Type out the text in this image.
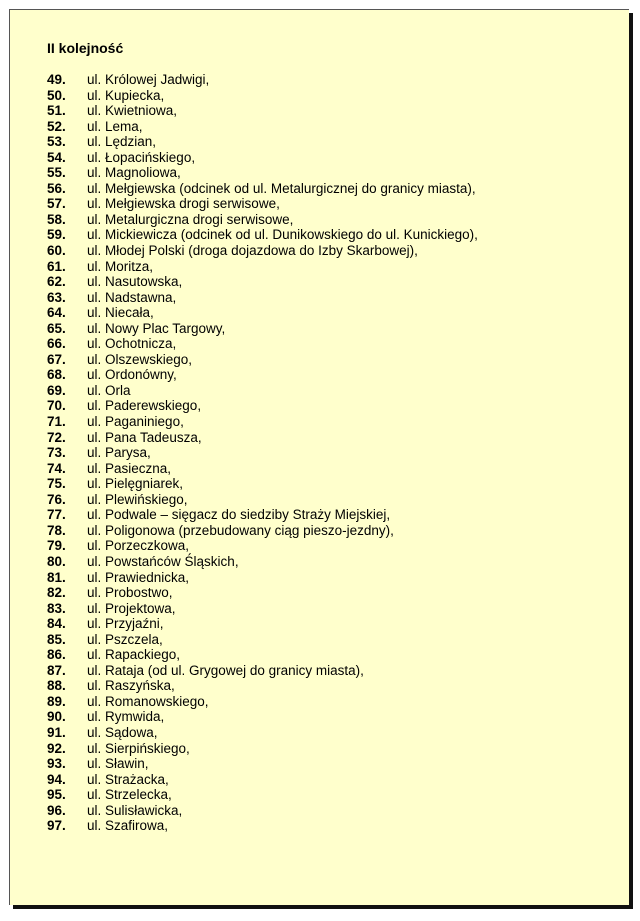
II kolejność
49.	ul. Królowej Jadwigi,
50.	ul. Kupiecka,
51.	ul. Kwietniowa,
52.	ul. Lema,
53.	ul. Lędzian,
54.	ul. Łopacińskiego,
55.	ul. Magnoliowa,
56.	ul. Mełgiewska (odcinek od ul. Metalurgicznej do granicy miasta),
57.	ul. Mełgiewska drogi serwisowe,
58.	ul. Metalurgiczna drogi serwisowe,
59.	ul. Mickiewicza (odcinek od ul. Dunikowskiego do ul. Kunickiego),
60.	ul. Młodej Polski (droga dojazdowa do Izby Skarbowej),
61.	ul. Moritza,
62.	ul. Nasutowska,
63.	ul. Nadstawna,
64.	ul. Niecała,
65.	ul. Nowy Plac Targowy,
66.	ul. Ochotnicza,
67.	ul. Olszewskiego,
68.	ul. Ordonówny,
69.	ul. Orla
70.	ul. Paderewskiego,
71.	ul. Paganiniego,
72.	ul. Pana Tadeusza,
73.	ul. Parysa,
74.	ul. Pasieczna,
75.	ul. Pielęgniarek,
76.	ul. Plewińskiego,
77.	ul. Podwale – sięgacz do siedziby Straży Miejskiej,
78.	ul. Poligonowa (przebudowany ciąg pieszo-jezdny),
79.	ul. Porzeczkowa,
80.	ul. Powstańców Śląskich,
81.	ul. Prawiednicka,
82.	ul. Probostwo,
83.	ul. Projektowa,
84.	ul. Przyjaźni,
85.	ul. Pszczela,
86.	ul. Rapackiego,
87.	ul. Rataja (od ul. Grygowej do granicy miasta),
88.	ul. Raszyńska,
89.	ul. Romanowskiego,
90.	ul. Rymwida,
91.	ul. Sądowa,
92.	ul. Sierpińskiego,
93.	ul. Sławin,
94.	ul. Strażacka,
95.	ul. Strzelecka,
96.	ul. Sulisławicka,
97.	ul. Szafirowa,
